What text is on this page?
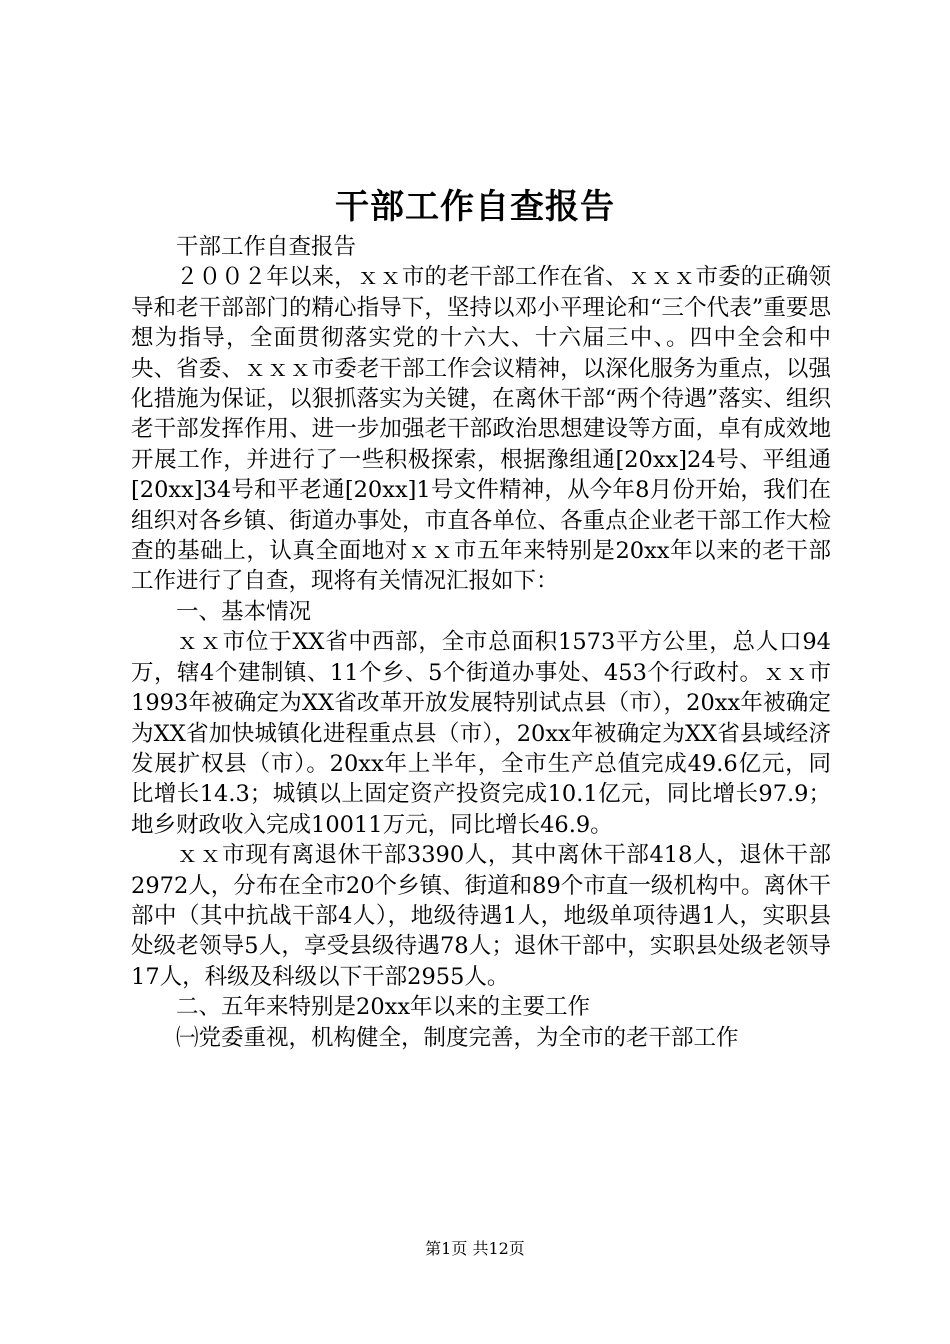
干部工作自查报告

干部工作自查报告

２００２年以来，ｘｘ市的老干部工作在省、ｘｘｘ市委的正确领导和老干部部门的精心指导下，坚持以邓小平理论和“三个代表”重要思想为指导，全面贯彻落实党的十六大、十六届三中、。四中全会和中央、省委、ｘｘｘ市委老干部工作会议精神，以深化服务为重点，以强化措施为保证，以狠抓落实为关键，在离休干部“两个待遇”落实、组织老干部发挥作用、进一步加强老干部政治思想建设等方面，卓有成效地开展工作，并进行了一些积极探索，根据豫组通[20xx]24号、平组通[20xx]34号和平老通[20xx]1号文件精神，从今年8月份开始，我们在组织对各乡镇、街道办事处，市直各单位、各重点企业老干部工作大检查的基础上，认真全面地对ｘｘ市五年来特别是20xx年以来的老干部工作进行了自查，现将有关情况汇报如下：

一、基本情况

ｘｘ市位于XX省中西部，全市总面积1573平方公里，总人口94万，辖4个建制镇、11个乡、5个街道办事处、453个行政村。ｘｘ市1993年被确定为XX省改革开放发展特别试点县（市），20xx年被确定为XX省加快城镇化进程重点县（市），20xx年被确定为XX省县域经济发展扩权县（市）。20xx年上半年，全市生产总值完成49.6亿元，同比增长14.3；城镇以上固定资产投资完成10.1亿元，同比增长97.9；地乡财政收入完成10011万元，同比增长46.9。

ｘｘ市现有离退休干部3390人，其中离休干部418人，退休干部2972人，分布在全市20个乡镇、街道和89个市直一级机构中。离休干部中（其中抗战干部4人），地级待遇1人，地级单项待遇1人，实职县处级老领导5人，享受县级待遇78人；退休干部中，实职县处级老领导17人，科级及科级以下干部2955人。

二、五年来特别是20xx年以来的主要工作

㈠党委重视，机构健全，制度完善，为全市的老干部工作

第1页 共12页
